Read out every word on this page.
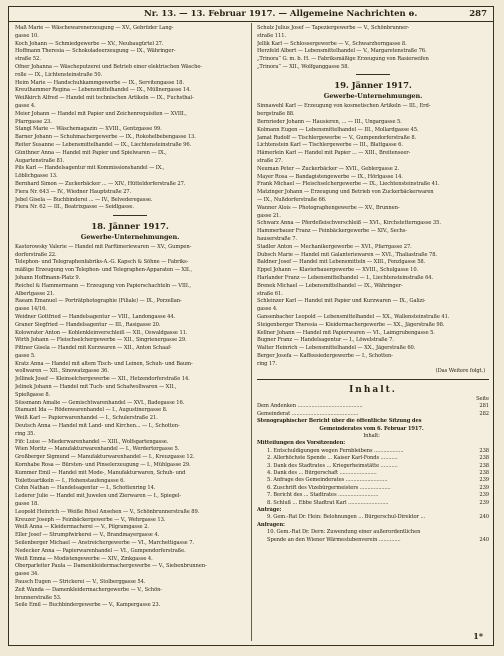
Nr. 13. — 13. Februar 1917. — Allgemeine Nachrichten ⱺ.	287
Maß Marie — Wäschewarenerzeugung — XV., Gebrüder Lang-
gasse 10.
Koch Johann — Schmiedgewerbe — XV., Neubaugürtel 27.
Hoffmann Theresia — Schokoladeerzeugung — IX., Währinger-
straße 52.
Ofner Johanna — Wäscheputzerei und Betrieb einer elektrischen Wäsche-
rolle — IX., Lichtensteinstraße 50.
Heim Marie — Handschuhkammgewerbe — IX., Servitengasse 18.
Kreuthammer Regina — Lebensmittelhandel — IX., Müllnergasse 14.
Weißkirch Alfred — Handel mit technischen Artikeln — IX., Fuchsthal-
gasse 4.
Meier Johann — Handel mit Papier und Zeichenrequisiten — XVIII.,
Pfarrgasse 23.
Stangl Marie — Wäschemagazin — XVIII., Gentzgasse 99.
Barner Johann — Schuhmachergewerbe — IX., Rokohelbebengasse 13.
Reiter Susanne — Lebensmittelhandel — IX., Liechtensteinstraße 96.
Günthner Anna — Handel mit Papier und Spielwaren — IX.,
Augartenstraße 81.
Pils Karl — Handelsagentur mit Kommissionshandel — IX.,
Löblichgasse 13.
Bernhard Simon — Zuckerbäcker ... — XIV., Hütteldorferstraße 27.
Fiera Nr. 643 — IV., Wiedner Hauptstraße 27.
Jebel Gisela — Buchbinderei ... — IV., Belvederegasse.
Fiera Nr. 62 — III., Beatrixgasse — Seidlgasse.
18. Jänner 1917.
Gewerbe-Unternehmungen.
Kastorowsky Valerie — Handel mit Parfümeriewaren — XV., Gumpen-
dorferstraße 22.
Telephon- und Telegraphenfabriks-A.-G. Kapsch & Söhne — Fabriks-
mäßige Erzeugung von Telephon- und Telegraphen-Apparaten — XII.,
Johann Hoffmann-Platz 9.
Reichel & Hammermann — Erzeugung von Papierschachteln — VIII.,
Albertgasse 21.
Raeam Emanuel — Porträtphotographie (Filiale) — IX., Porzellan-
gasse 14/16.
Weidner Gottfried — Handelsagentur — VIII., Landongasse 44.
Graner Siegfried — Handelsagentur — III., Rasigasse 20.
Kolowrater Anton — Kohlenkleinverschleiß — XII., Oswaldgasse 11.
Wirth Johann — Fleischselchergewerbe — XII., Singrienergasse 29.
Pittner Gisela — Handel mit Kurzwaren — XII., Anton Schaaf-
gasse 5.
Kratz Anna — Handel mit altem Tisch- und Leinen, Schuh- und Baum-
wollwaren — XII., Sinowatzgasse 36.
Jellinek Josef — Kleinselchergewerbe — XII., Hetzendorferstraße 14.
Jelinek Johann — Handel mit Tuch- und Schafwollwaren — XII.,
Spießgasse 8.
Süssmann Amalie — Gemischtwarenhandel — XVI., Badegasse 16.
Diamant Ida — Rödenwarenhandel — I., Augustinergasse 8.
Weiß Karl — Papierwarenhandel — I., Schulerstraße 21.
Deutsch Anna — Handel mit Land- und Kirchen... — I., Schotten-
ring 35.
Fifc Luise — Miederwarenhandel — XIII., Wolfsgartengasse.
Wien Moritz — Manufakturwarenhandel — I., Werdertorgasse 5.
Großberger Sigmund — Manufakturwarenhandel — I., Kreuzgasse 12.
Kornhabe Rosa — Bürsten- und Pinselerzeugung — I., Mühlgasse 29.
Kummer Emil — Handel mit Mode-, Manufakturwaren, Schuh- und
Toiletteartikeln — I., Hohenstaufengasse 6.
Cohn Nathan — Handelsagentur — I., Schottenring 14.
Lederer Julie — Handel mit Juwelen und Zierwaren — I., Spiegel-
gasse 18.
Leopold Heinrich — Weiße Rössl Ansehen — V., Schönbrunnerstraße 89.
Kreuzer Joseph — Feinbäckergewerbe — V., Wehrgasse 13.
Weiß Anna — Kleidermacherei — V., Pilgramgasse 2.
Eller Josef — Strumpfwirkerei — V., Brandmayergasse 4.
Seilenberger Michael — Anstreichergewerbe — VI., Marchettigasse 7.
Nedecker Anna — Papierwarenhandel — VI., Gumpendorferstraße.
Weiß Emma — Modistengewerbe — XIV., Zinkgasse 4.
Oberparleiter Paula — Damenkleidermachergewerbe — V., Siebenbrunnen-
gasse 34.
Pausch Eugen — Strickerei — V., Stolberggasse 54.
Zeit Wanda — Damenkleidermachergewerbe — V., Schön-
brunnerstraße 53.
Seile Emil — Buchbindergewerbe — V., Kampergasse 23.
Schulz Julius Josef — Tapeziergewerbe — V., Schönbrunner-
straße 111.
Jellik Karl — Schlossergewerbe — V., Schwarzhorngasse 8.
Herzfeld Albert — Lebensmittelhandel — V., Margaretenstraße 76.
„Trinora“ G. m. b. H. — Fabriksmäßige Erzeugung von Rasierseifen
„Trinora“ — XII., Wolfganggasse 58.
19. Jänner 1917.
Gewerbe-Unternehmungen.
Sinnawehl Karl — Erzeugung von kosmetischen Artikeln — III., Erd-
bergstraße 88.
Bernrieder Johann — Hausieren, ... — III., Ungargasse 5.
Kolmann Eugen — Lebensmittelhandel — III., Mollardgasse 45.
Jamat Rudolf — Tischlergewerbe — V., Gumpendorferstraße 8.
Lichtenstein Karl — Tischlergewerbe — III., Blattgasse 6.
Hämerlein Karl — Handel mit Papier ... — XIII., Breitenseer-
straße 27.
Neuman Peter — Zuckerbäcker — XVII., Geblergasse 2.
Mayer Rosa — Bandagistengewerbe — IX., Hörlgasse 14.
Frank Michael — Fleischselchergewerbe — IX., Liechtensteinstraße 41.
Matzinger Johann — Erzeugung und Betrieb von Zuckerbäckerwaren
— IX., Nußdorferstraße 66.
Wanner Alois — Photographengewerbe — XV., Brunnen-
gasse 21.
Schwarz Anna — Pferdefleischverschleiß — XVI., Kirchstetterngasse 35.
Hammerbauer Franz — Feinbäckergewerbe — XIV., Sechs-
hauserstraße 7.
Stadler Anton — Mechanikergewerbe — XVI., Pfarrgasse 27.
Dubsch Marie — Handel mit Galanteriewaren — XVI., Thaliastraße 78.
Baldner Josef — Handel mit Lebensmitteln — XIII., Fenzlgasse 58.
Eppel Johann — Klavierbauergewerbe — XVIII., Schulgasse 10.
Harlander Franz — Lebensmittelhandel — I., Liechtensteinstraße 64.
Brenek Michael — Lebensmittelhandel — IX., Währinger-
straße 61.
Schleinzer Karl — Handel mit Papier und Kurzwaren — IX., Galizi-
gasse 4.
Gansenbacher Leopold — Lebensmittelhandel — XX., Wallensteinstraße 41.
Steigenberger Theresia — Kleidermachergewerbe — XX., Jägerstraße 98.
Kellner Johann — Handel mit Papierwaren — VI., Laimgrubengasse 5.
Bugner Franz — Handelsagentur — I., Löwelstraße 7.
Walter Heinrich — Lebensmittelhandel — XX., Jägerstraße 60.
Berger Josefa — Kaffeesiedergewerbe — I., Schotten-
ring 17.
(Das Weitere folgt.)
Inhalt.
Seite
Dem Andenken ..........................................	281
Gemeinderat ...........................................	282
Stenographischer Bericht über die öffentliche Sitzung des
Gemeinderates vom 6. Februar 1917.
Inhalt:
Mitteilungen des Vorsitzenden:
1. Entschuldigungen wegen Fernbleibens ...................	238
2. Allerhöchste Spende ... Kaiser Karl-Fonds ...........	238
3. Dank des Stadtrates ... Kriegerheimstätte ...........	238
4. Dank des ... Bürgerschaft ........................	238
5. Anfrage des Gemeinderates ...........................	239
6. Zuschrift des Vizebürgermeisters ....................	239
7. Bericht des ... Stadtrates ..........................	239
8. Schluß ... Ebbe Stadtrat Karl ..........................	239
Anträge:
9. Gem.-Rat Dr. Hein: Belohnungen ... Bürgerschul-Direktor ...	240
Anfragen:
10. Gem.-Rat Dr. Dern: Zuwendung einer außerordentlichen
Spende an den Wiener Wärmestubenverein ..............	240
1*
